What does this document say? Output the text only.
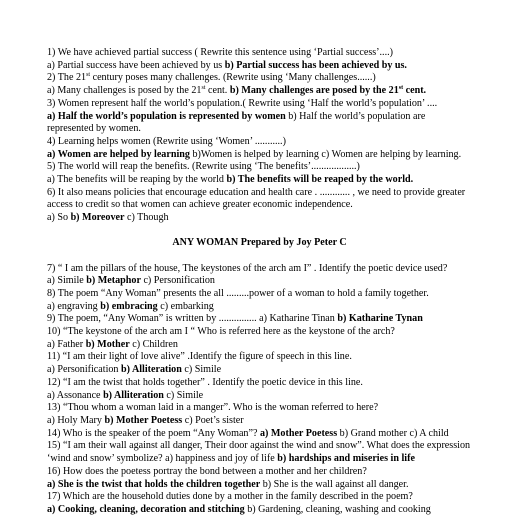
1) We have achieved partial success ( Rewrite this sentence using ‘Partial success’....)
a) Partial success have been achieved by us b) Partial success has been achieved by us.
2) The 21st century poses many challenges. (Rewrite using ‘Many challenges......)
a) Many challenges is posed by the 21st cent. b) Many challenges are posed by the 21st cent.
3) Women represent half the world’s population.( Rewrite using ‘Half the world’s population’ ....
a) Half the world’s population is represented by women b) Half the world’s population are represented by women.
4) Learning helps women (Rewrite using ‘Women’ ...........)
a) Women are helped by learning b)Women is helped by learning c) Women are helping by learning.
5) The world will reap the benefits. (Rewrite using ‘The benefits’..................)
a) The benefits will be reaping by the world b) The benefits will be reaped by the world.
6) It also means policies that encourage education and health care . ............ , we need to provide greater access to credit so that women can achieve greater economic independence.
a) So b) Moreover c) Though
ANY WOMAN Prepared by Joy Peter C
7) “ I am the pillars of the house, The keystones of the arch am I” . Identify the poetic device used?
a) Simile b) Metaphor c) Personification
8) The poem “Any Woman” presents the all .........power of a woman to hold a family together.
a) engraving b) embracing c) embarking
9) The poem, “Any Woman” is written by ............... a) Katharine Tinan b) Katharine Tynan
10) “The keystone of the arch am I “ Who is referred here as the keystone of the arch?
a) Father b) Mother c) Children
11) “I am their light of love alive” .Identify the figure of speech in this line.
a) Personification b) Alliteration c) Simile
12) “I am the twist that holds together” . Identify the poetic device in this line.
a) Assonance b) Alliteration c) Simile
13) “Thou whom a woman laid in a manger”. Who is the woman referred to here?
a) Holy Mary b) Mother Poetess c) Poet’s sister
14) Who is the speaker of the poem “Any Woman”? a) Mother Poetess b) Grand mother c) A child
15) “I am their wall against all danger, Their door against the wind and snow”. What does the expression ‘wind and snow’ symbolize? a) happiness and joy of life b) hardships and miseries in life
16) How does the poetess portray the bond between a mother and her children?
a) She is the twist that holds the children together b) She is the wall against all danger.
17) Which are the household duties done by a mother in the family described in the poem?
a) Cooking, cleaning, decoration and stitching b) Gardening, cleaning, washing and cooking
